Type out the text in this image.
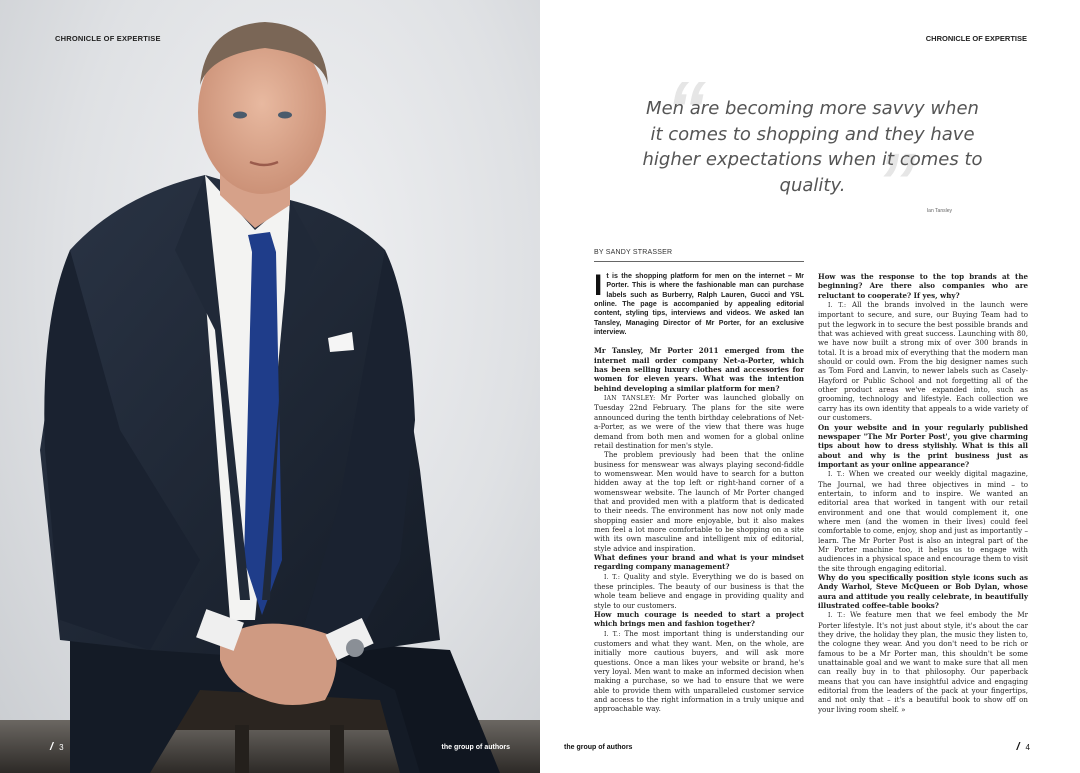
CHRONICLE OF EXPERTISE
/ 3	the group of authors
CHRONICLE OF EXPERTISE
“
”
Men are becoming more savvy when it comes to shopping and they have higher expectations when it comes to quality.
Ian Tansley
BY SANDY STRASSER

It is the shopping platform for men on the internet – Mr Porter. This is where the fashionable man can purchase labels such as Burberry, Ralph Lauren, Gucci and YSL online. The page is accompanied by appealing editorial content, styling tips, interviews and videos. We asked Ian Tansley, Managing Director of Mr Porter, for an exclusive interview.

Mr Tansley, Mr Porter 2011 emerged from the internet mail order company Net-a-Porter, which has been selling luxury clothes and accessories for women for eleven years. What was the intention behind developing a similar platform for men?

IAN TANSLEY: Mr Porter was launched globally on Tuesday 22nd February. The plans for the site were announced during the tenth birthday celebrations of Net-a-Porter, as we were of the view that there was huge demand from both men and women for a global online retail destination for men's style.

The problem previously had been that the online business for menswear was always playing second-fiddle to womenswear. Men would have to search for a button hidden away at the top left or right-hand corner of a womenswear website. The launch of Mr Porter changed that and provided men with a platform that is dedicated to their needs. The environment has now not only made shopping easier and more enjoyable, but it also makes men feel a lot more comfortable to be shopping on a site with its own masculine and intelligent mix of editorial, style advice and inspiration.

What defines your brand and what is your mindset regarding company management?

I. T.: Quality and style. Everything we do is based on these principles. The beauty of our business is that the whole team believe and engage in providing quality and style to our customers.

How much courage is needed to start a project which brings men and fashion together?

I. T.: The most important thing is understanding our customers and what they want. Men, on the whole, are initially more cautious buyers, and will ask more questions. Once a man likes your website or brand, he's very loyal. Men want to make an informed decision when making a purchase, so we had to ensure that we were able to provide them with unparalleled customer service and access to the right information in a truly unique and approachable way.

How was the response to the top brands at the beginning? Are there also companies who are reluctant to cooperate? If yes, why?

I. T.: All the brands involved in the launch were important to secure, and sure, our Buying Team had to put the legwork in to secure the best possible brands and that was achieved with great success. Launching with 80, we have now built a strong mix of over 300 brands in total. It is a broad mix of everything that the modern man should or could own. From the big designer names such as Tom Ford and Lanvin, to newer labels such as Casely-Hayford or Public School and not forgetting all of the other product areas we've expanded into, such as grooming, technology and lifestyle. Each collection we carry has its own identity that appeals to a wide variety of our customers.

On your website and in your regularly published newspaper "The Mr Porter Post', you give charming tips about how to dress stylishly. What is this all about and why is the print business just as important as your online appearance?

I. T.: When we created our weekly digital magazine, The Journal, we had three objectives in mind – to entertain, to inform and to inspire. We wanted an editorial area that worked in tangent with our retail environment and one that would complement it, one where men (and the women in their lives) could feel comfortable to come, enjoy, shop and just as importantly – learn. The Mr Porter Post is also an integral part of the Mr Porter machine too, it helps us to engage with audiences in a physical space and encourage them to visit the site through engaging editorial.

Why do you specifically position style icons such as Andy Warhol, Steve McQueen or Bob Dylan, whose aura and attitude you really celebrate, in beautifully illustrated coffee-table books?

I. T.: We feature men that we feel embody the Mr Porter lifestyle. It's not just about style, it's about the car they drive, the holiday they plan, the music they listen to, the cologne they wear. And you don't need to be rich or famous to be a Mr Porter man, this shouldn't be some unattainable goal and we want to make sure that all men can really buy in to that philosophy. Our paperback means that you can have insightful advice and engaging editorial from the leaders of the pack at your fingertips, and not only that – it's a beautiful book to show off on your living room shelf. »

the group of authors	/ 4
